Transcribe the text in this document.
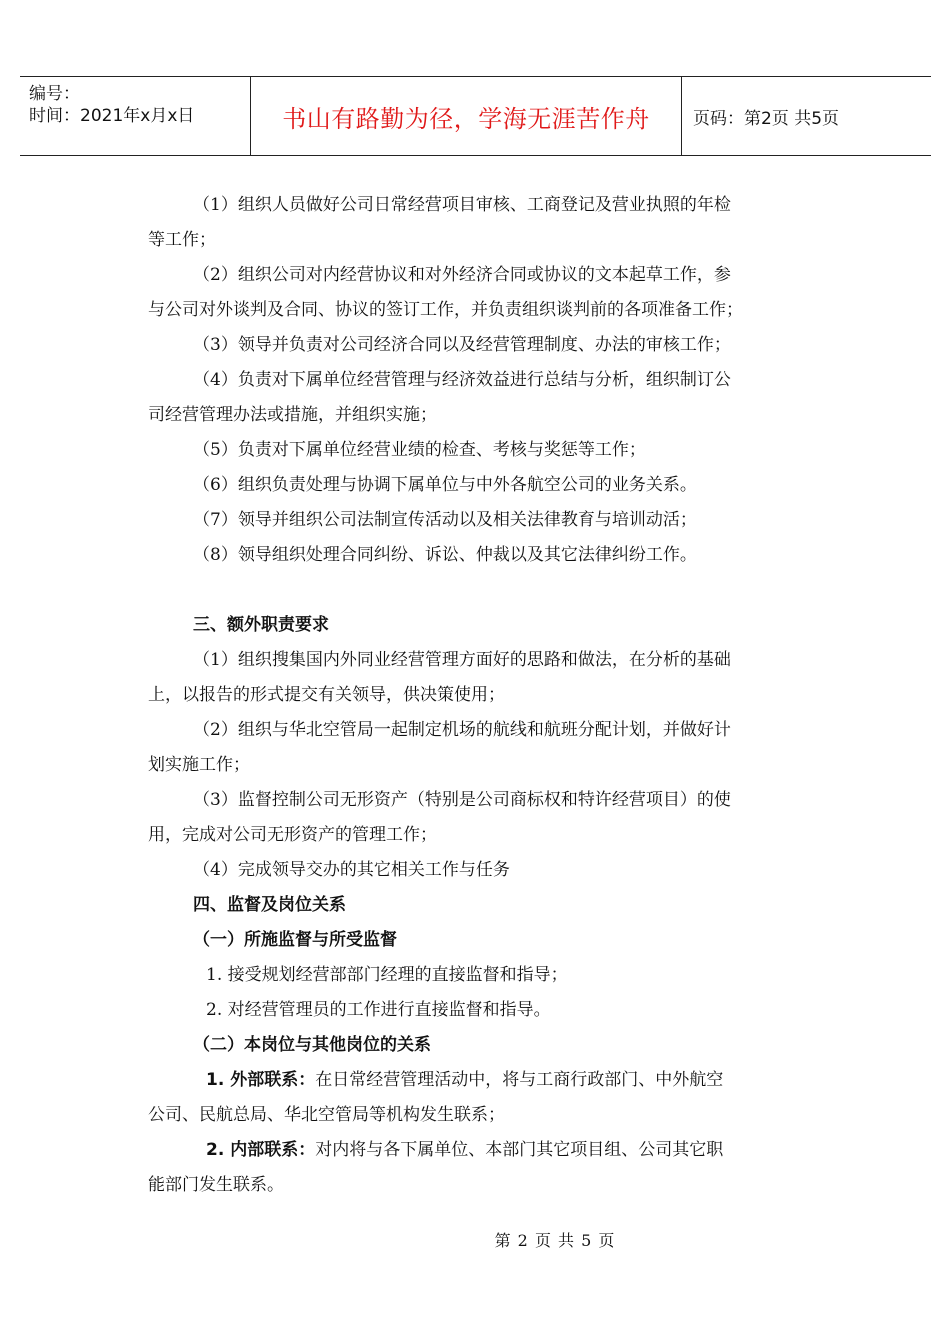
编号：
时间：2021年x月x日	书山有路勤为径，学海无涯苦作舟	页码：第2页 共5页
（1）组织人员做好公司日常经营项目审核、工商登记及营业执照的年检
等工作；
（2）组织公司对内经营协议和对外经济合同或协议的文本起草工作，参
与公司对外谈判及合同、协议的签订工作，并负责组织谈判前的各项准备工作；
（3）领导并负责对公司经济合同以及经营管理制度、办法的审核工作；
（4）负责对下属单位经营管理与经济效益进行总结与分析，组织制订公
司经营管理办法或措施，并组织实施；
（5）负责对下属单位经营业绩的检查、考核与奖惩等工作；
（6）组织负责处理与协调下属单位与中外各航空公司的业务关系。
（7）领导并组织公司法制宣传活动以及相关法律教育与培训动活；
（8）领导组织处理合同纠纷、诉讼、仲裁以及其它法律纠纷工作。
三、额外职责要求
（1）组织搜集国内外同业经营管理方面好的思路和做法，在分析的基础
上，以报告的形式提交有关领导，供决策使用；
（2）组织与华北空管局一起制定机场的航线和航班分配计划，并做好计
划实施工作；
（3）监督控制公司无形资产（特别是公司商标权和特许经营项目）的使
用，完成对公司无形资产的管理工作；
（4）完成领导交办的其它相关工作与任务
四、监督及岗位关系
（一）所施监督与所受监督
1. 接受规划经营部部门经理的直接监督和指导；
2. 对经营管理员的工作进行直接监督和指导。
（二）本岗位与其他岗位的关系
1. 外部联系：在日常经营管理活动中，将与工商行政部门、中外航空
公司、民航总局、华北空管局等机构发生联系；
2. 内部联系：对内将与各下属单位、本部门其它项目组、公司其它职
能部门发生联系。
第 2 页 共 5 页
